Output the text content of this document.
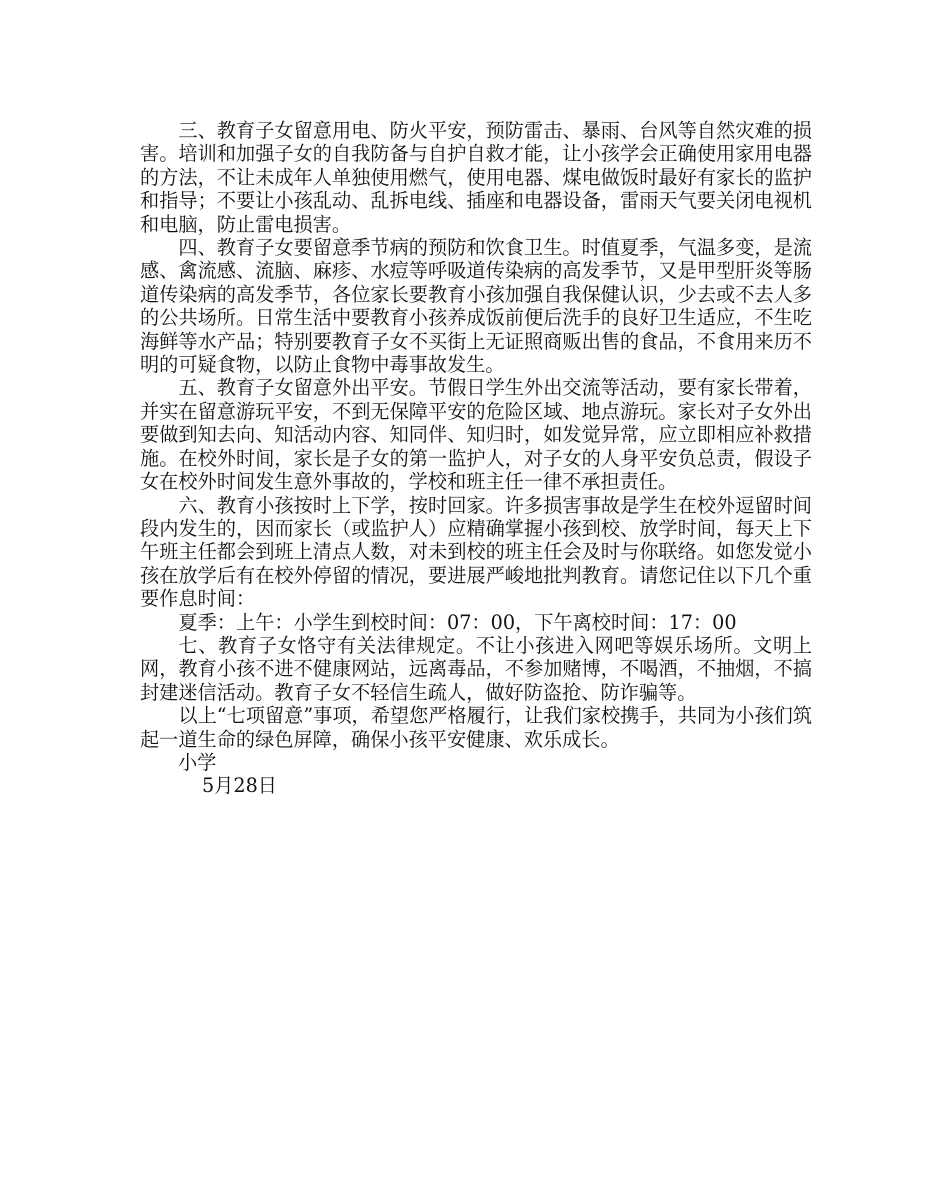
三、教育子女留意用电、防火平安，预防雷击、暴雨、台风等自然灾难的损害。培训和加强子女的自我防备与自护自救才能，让小孩学会正确使用家用电器的方法，不让未成年人单独使用燃气，使用电器、煤电做饭时最好有家长的监护和指导；不要让小孩乱动、乱拆电线、插座和电器设备，雷雨天气要关闭电视机和电脑，防止雷电损害。

四、教育子女要留意季节病的预防和饮食卫生。时值夏季，气温多变，是流感、禽流感、流脑、麻疹、水痘等呼吸道传染病的高发季节，又是甲型肝炎等肠道传染病的高发季节，各位家长要教育小孩加强自我保健认识，少去或不去人多的公共场所。日常生活中要教育小孩养成饭前便后洗手的良好卫生适应，不生吃海鲜等水产品；特别要教育子女不买街上无证照商贩出售的食品，不食用来历不明的可疑食物，以防止食物中毒事故发生。

五、教育子女留意外出平安。节假日学生外出交流等活动，要有家长带着，并实在留意游玩平安，不到无保障平安的危险区域、地点游玩。家长对子女外出要做到知去向、知活动内容、知同伴、知归时，如发觉异常，应立即相应补救措施。在校外时间，家长是子女的第一监护人，对子女的人身平安负总责，假设子女在校外时间发生意外事故的，学校和班主任一律不承担责任。

六、教育小孩按时上下学，按时回家。许多损害事故是学生在校外逗留时间段内发生的，因而家长（或监护人）应精确掌握小孩到校、放学时间，每天上下午班主任都会到班上清点人数，对未到校的班主任会及时与你联络。如您发觉小孩在放学后有在校外停留的情况，要进展严峻地批判教育。请您记住以下几个重要作息时间：

夏季：上午：小学生到校时间：07：00，下午离校时间：17：00

七、教育子女恪守有关法律规定。不让小孩进入网吧等娱乐场所。文明上网，教育小孩不进不健康网站，远离毒品，不参加赌博，不喝酒，不抽烟，不搞封建迷信活动。教育子女不轻信生疏人，做好防盗抢、防诈骗等。

以上“七项留意”事项，希望您严格履行，让我们家校携手，共同为小孩们筑起一道生命的绿色屏障，确保小孩平安健康、欢乐成长。

小学

5月28日
